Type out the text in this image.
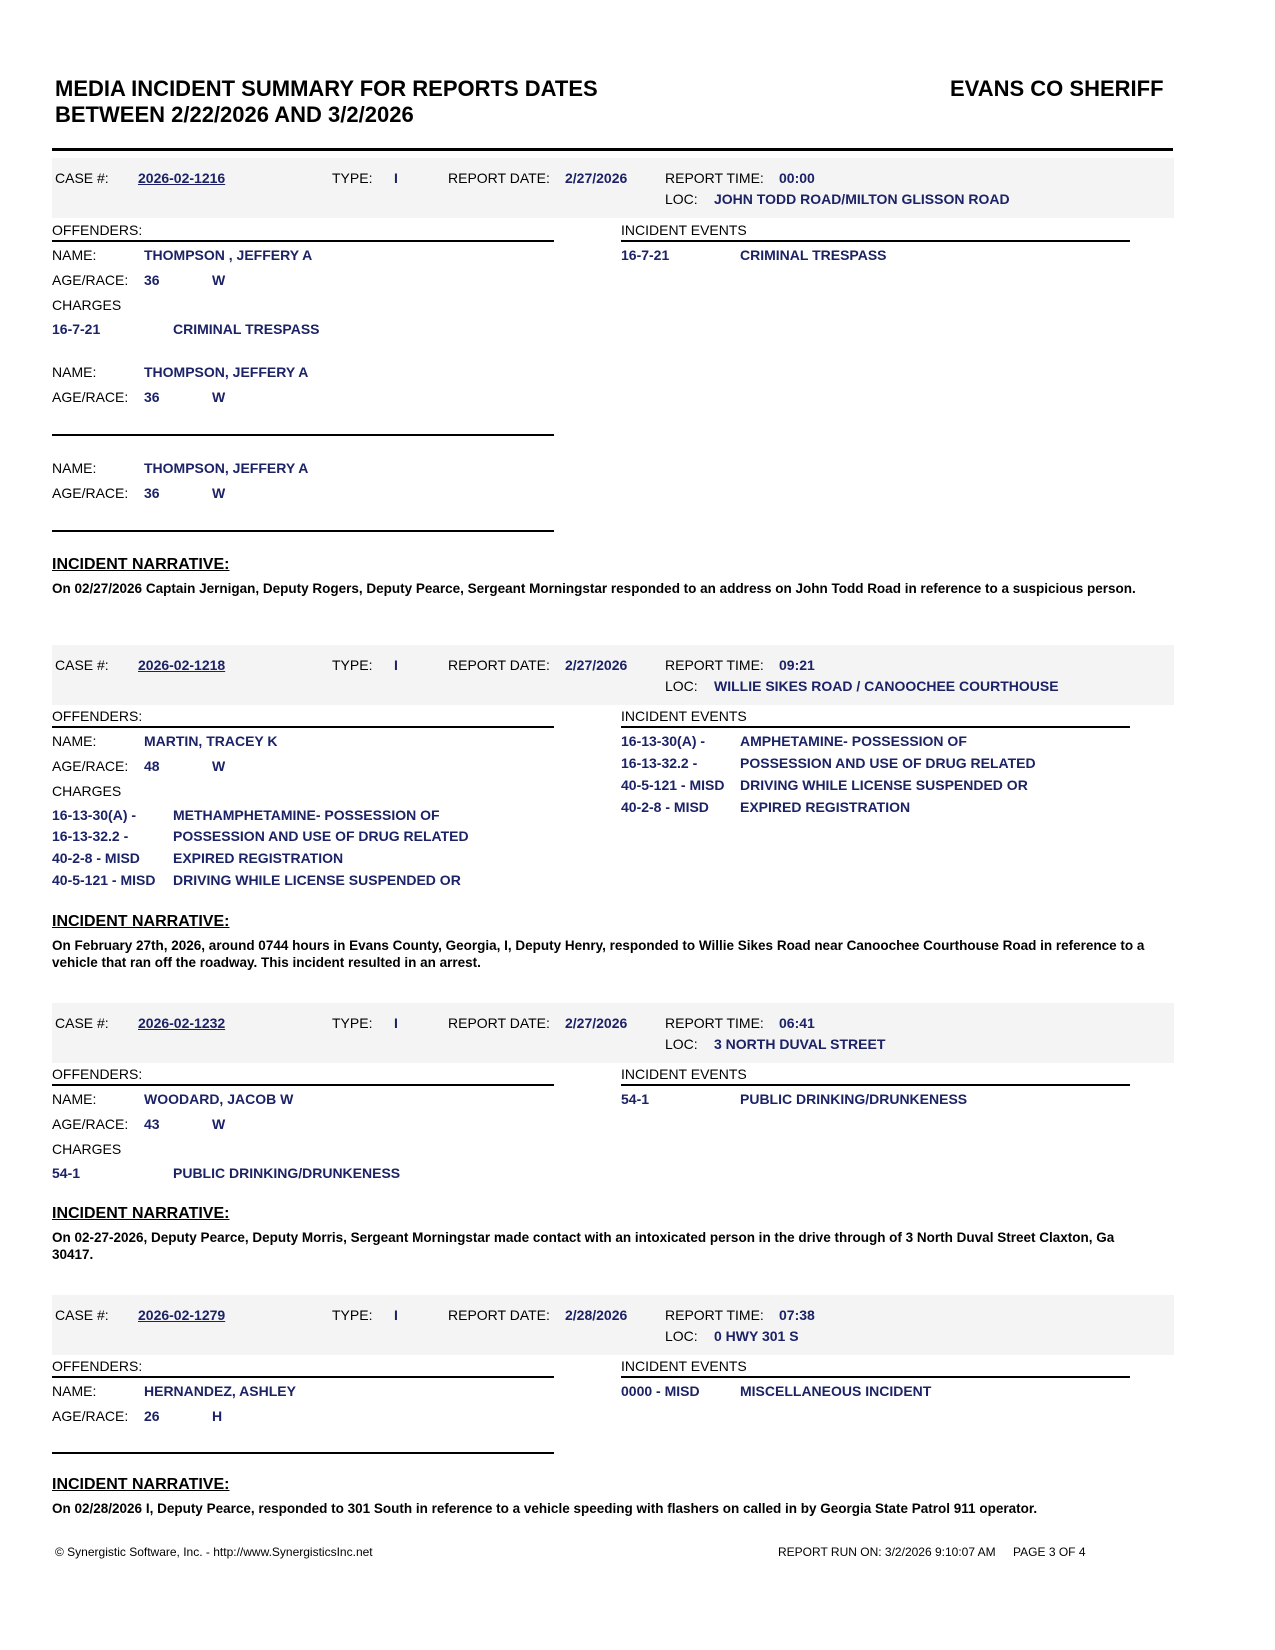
MEDIA INCIDENT SUMMARY FOR REPORTS DATES
BETWEEN 2/22/2026 AND 3/2/2026
EVANS CO SHERIFF
CASE #: 2026-02-1216	TYPE: I	REPORT DATE: 2/27/2026	REPORT TIME: 00:00
LOC: JOHN TODD ROAD/MILTON GLISSON ROAD
OFFENDERS:	INCIDENT EVENTS
16-7-21	CRIMINAL TRESPASS
NAME:	THOMPSON , JEFFERY A
AGE/RACE: 36	W
CHARGES
16-7-21	CRIMINAL TRESPASS
NAME:	THOMPSON, JEFFERY A
AGE/RACE: 36	W
NAME:	THOMPSON, JEFFERY A
AGE/RACE: 36	W
INCIDENT NARRATIVE:
On 02/27/2026 Captain Jernigan, Deputy Rogers, Deputy Pearce, Sergeant Morningstar responded to an address on John Todd Road in reference to a suspicious person.
CASE #: 2026-02-1218	TYPE: I	REPORT DATE: 2/27/2026	REPORT TIME: 09:21
LOC: WILLIE SIKES ROAD / CANOOCHEE COURTHOUSE
OFFENDERS:	INCIDENT EVENTS
16-13-30(A) - AMPHETAMINE- POSSESSION OF
16-13-32.2 -	POSSESSION AND USE OF DRUG RELATED
40-5-121 - MISD DRIVING WHILE LICENSE SUSPENDED OR
40-2-8 - MISD EXPIRED REGISTRATION
NAME:	MARTIN, TRACEY K
AGE/RACE: 48	W
CHARGES
16-13-30(A) -	METHAMPHETAMINE- POSSESSION OF
16-13-32.2 -	POSSESSION AND USE OF DRUG RELATED
40-2-8 - MISD EXPIRED REGISTRATION
40-5-121 - MISD DRIVING WHILE LICENSE SUSPENDED OR
INCIDENT NARRATIVE:
On February 27th, 2026, around 0744 hours in Evans County, Georgia, I, Deputy Henry, responded to Willie Sikes Road near Canoochee Courthouse Road in reference to a vehicle that ran off the roadway. This incident resulted in an arrest.
CASE #: 2026-02-1232	TYPE: I	REPORT DATE: 2/27/2026	REPORT TIME: 06:41
LOC: 3 NORTH DUVAL STREET
OFFENDERS:	INCIDENT EVENTS
54-1	PUBLIC DRINKING/DRUNKENESS
NAME:	WOODARD, JACOB W
AGE/RACE: 43	W
CHARGES
54-1	PUBLIC DRINKING/DRUNKENESS
INCIDENT NARRATIVE:
On 02-27-2026, Deputy Pearce, Deputy Morris, Sergeant Morningstar made contact with an intoxicated person in the drive through of 3 North Duval Street Claxton, Ga 30417.
CASE #: 2026-02-1279	TYPE: I	REPORT DATE: 2/28/2026	REPORT TIME: 07:38
LOC: 0 HWY 301 S
OFFENDERS:	INCIDENT EVENTS
0000 - MISD	MISCELLANEOUS INCIDENT
NAME:	HERNANDEZ, ASHLEY
AGE/RACE: 26	H
INCIDENT NARRATIVE:
On 02/28/2026 I, Deputy Pearce, responded to 301 South in reference to a vehicle speeding with flashers on called in by Georgia State Patrol 911 operator.
© Synergistic Software, Inc. - http://www.SynergisticsInc.net	REPORT RUN ON: 3/2/2026 9:10:07 AM PAGE 3 OF 4
